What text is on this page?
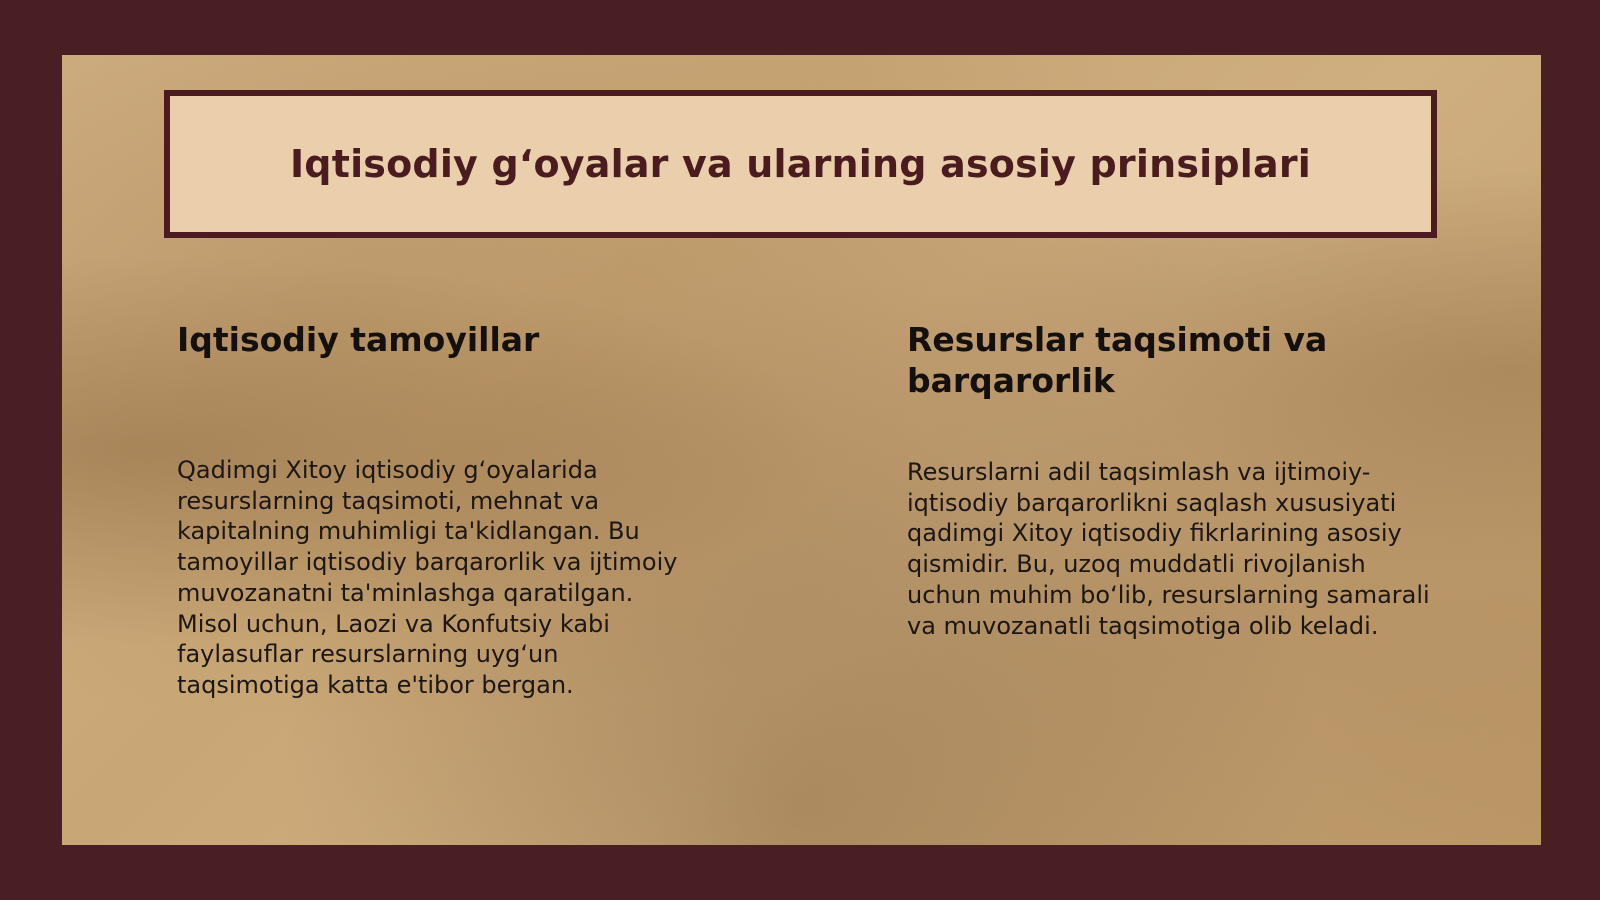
Iqtisodiy g‘oyalar va ularning asosiy prinsiplari
Iqtisodiy tamoyillar
Qadimgi Xitoy iqtisodiy g‘oyalarida resurslarning taqsimoti, mehnat va kapitalning muhimligi ta'kidlangan. Bu tamoyillar iqtisodiy barqarorlik va ijtimoiy muvozanatni ta'minlashga qaratilgan. Misol uchun, Laozi va Konfutsiy kabi faylasuflar resurslarning uyg‘un taqsimotiga katta e'tibor bergan.
Resurslar taqsimoti va barqarorlik
Resurslarni adil taqsimlash va ijtimoiy-iqtisodiy barqarorlikni saqlash xususiyati qadimgi Xitoy iqtisodiy fikrlarining asosiy qismidir. Bu, uzoq muddatli rivojlanish uchun muhim bo‘lib, resurslarning samarali va muvozanatli taqsimotiga olib keladi.
